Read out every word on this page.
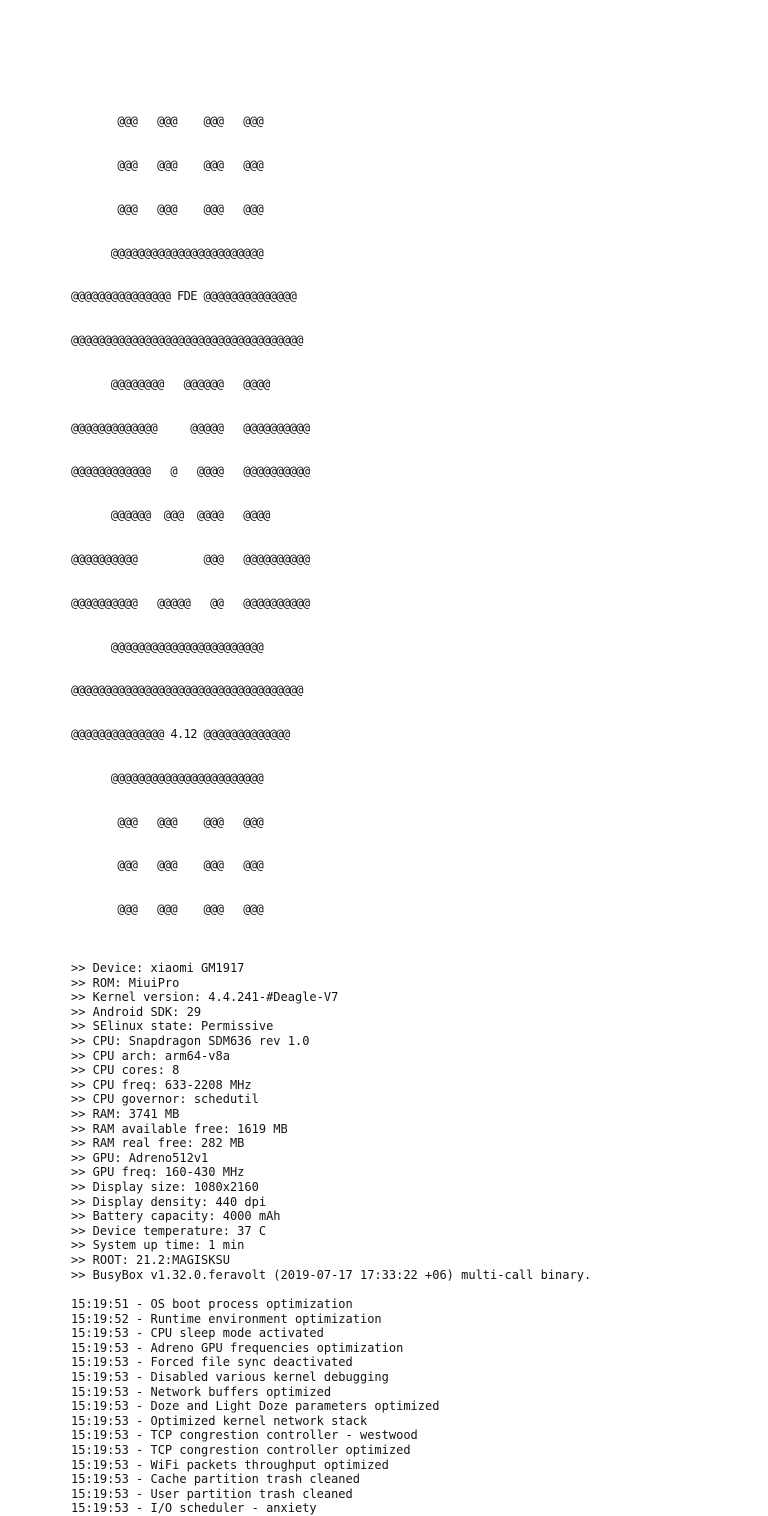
@@@   @@@    @@@   @@@

@@@   @@@    @@@   @@@

@@@   @@@    @@@   @@@

@@@@@@@@@@@@@@@@@@@@@@@

@@@@@@@@@@@@@@@ FDE @@@@@@@@@@@@@@

@@@@@@@@@@@@@@@@@@@@@@@@@@@@@@@@@@@

@@@@@@@@   @@@@@@   @@@@

@@@@@@@@@@@@@     @@@@@   @@@@@@@@@@

@@@@@@@@@@@@   @   @@@@   @@@@@@@@@@

@@@@@@  @@@  @@@@   @@@@

@@@@@@@@@@          @@@   @@@@@@@@@@

@@@@@@@@@@   @@@@@   @@   @@@@@@@@@@

@@@@@@@@@@@@@@@@@@@@@@@

@@@@@@@@@@@@@@@@@@@@@@@@@@@@@@@@@@@

@@@@@@@@@@@@@@ 4.12 @@@@@@@@@@@@@

@@@@@@@@@@@@@@@@@@@@@@@

@@@   @@@    @@@   @@@

@@@   @@@    @@@   @@@

@@@   @@@    @@@   @@@

>> Device: xiaomi GM1917
>> ROM: MiuiPro
>> Kernel version: 4.4.241-#Deagle-V7
>> Android SDK: 29
>> SElinux state: Permissive
>> CPU: Snapdragon SDM636 rev 1.0
>> CPU arch: arm64-v8a
>> CPU cores: 8
>> CPU freq: 633-2208 MHz
>> CPU governor: schedutil
>> RAM: 3741 MB
>> RAM available free: 1619 MB
>> RAM real free: 282 MB
>> GPU: Adreno512v1
>> GPU freq: 160-430 MHz
>> Display size: 1080x2160
>> Display density: 440 dpi
>> Battery capacity: 4000 mAh
>> Device temperature: 37 C
>> System up time: 1 min
>> ROOT: 21.2:MAGISKSU
>> BusyBox v1.32.0.feravolt (2019-07-17 17:33:22 +06) multi-call binary.
15:19:51 - OS boot process optimization
15:19:52 - Runtime environment optimization
15:19:53 - CPU sleep mode activated
15:19:53 - Adreno GPU frequencies optimization
15:19:53 - Forced file sync deactivated
15:19:53 - Disabled various kernel debugging
15:19:53 - Network buffers optimized
15:19:53 - Doze and Light Doze parameters optimized
15:19:53 - Optimized kernel network stack
15:19:53 - TCP congrestion controller - westwood
15:19:53 - TCP congrestion controller optimized
15:19:53 - WiFi packets throughput optimized
15:19:53 - Cache partition trash cleaned
15:19:53 - User partition trash cleaned
15:19:53 - I/O scheduler - anxiety
